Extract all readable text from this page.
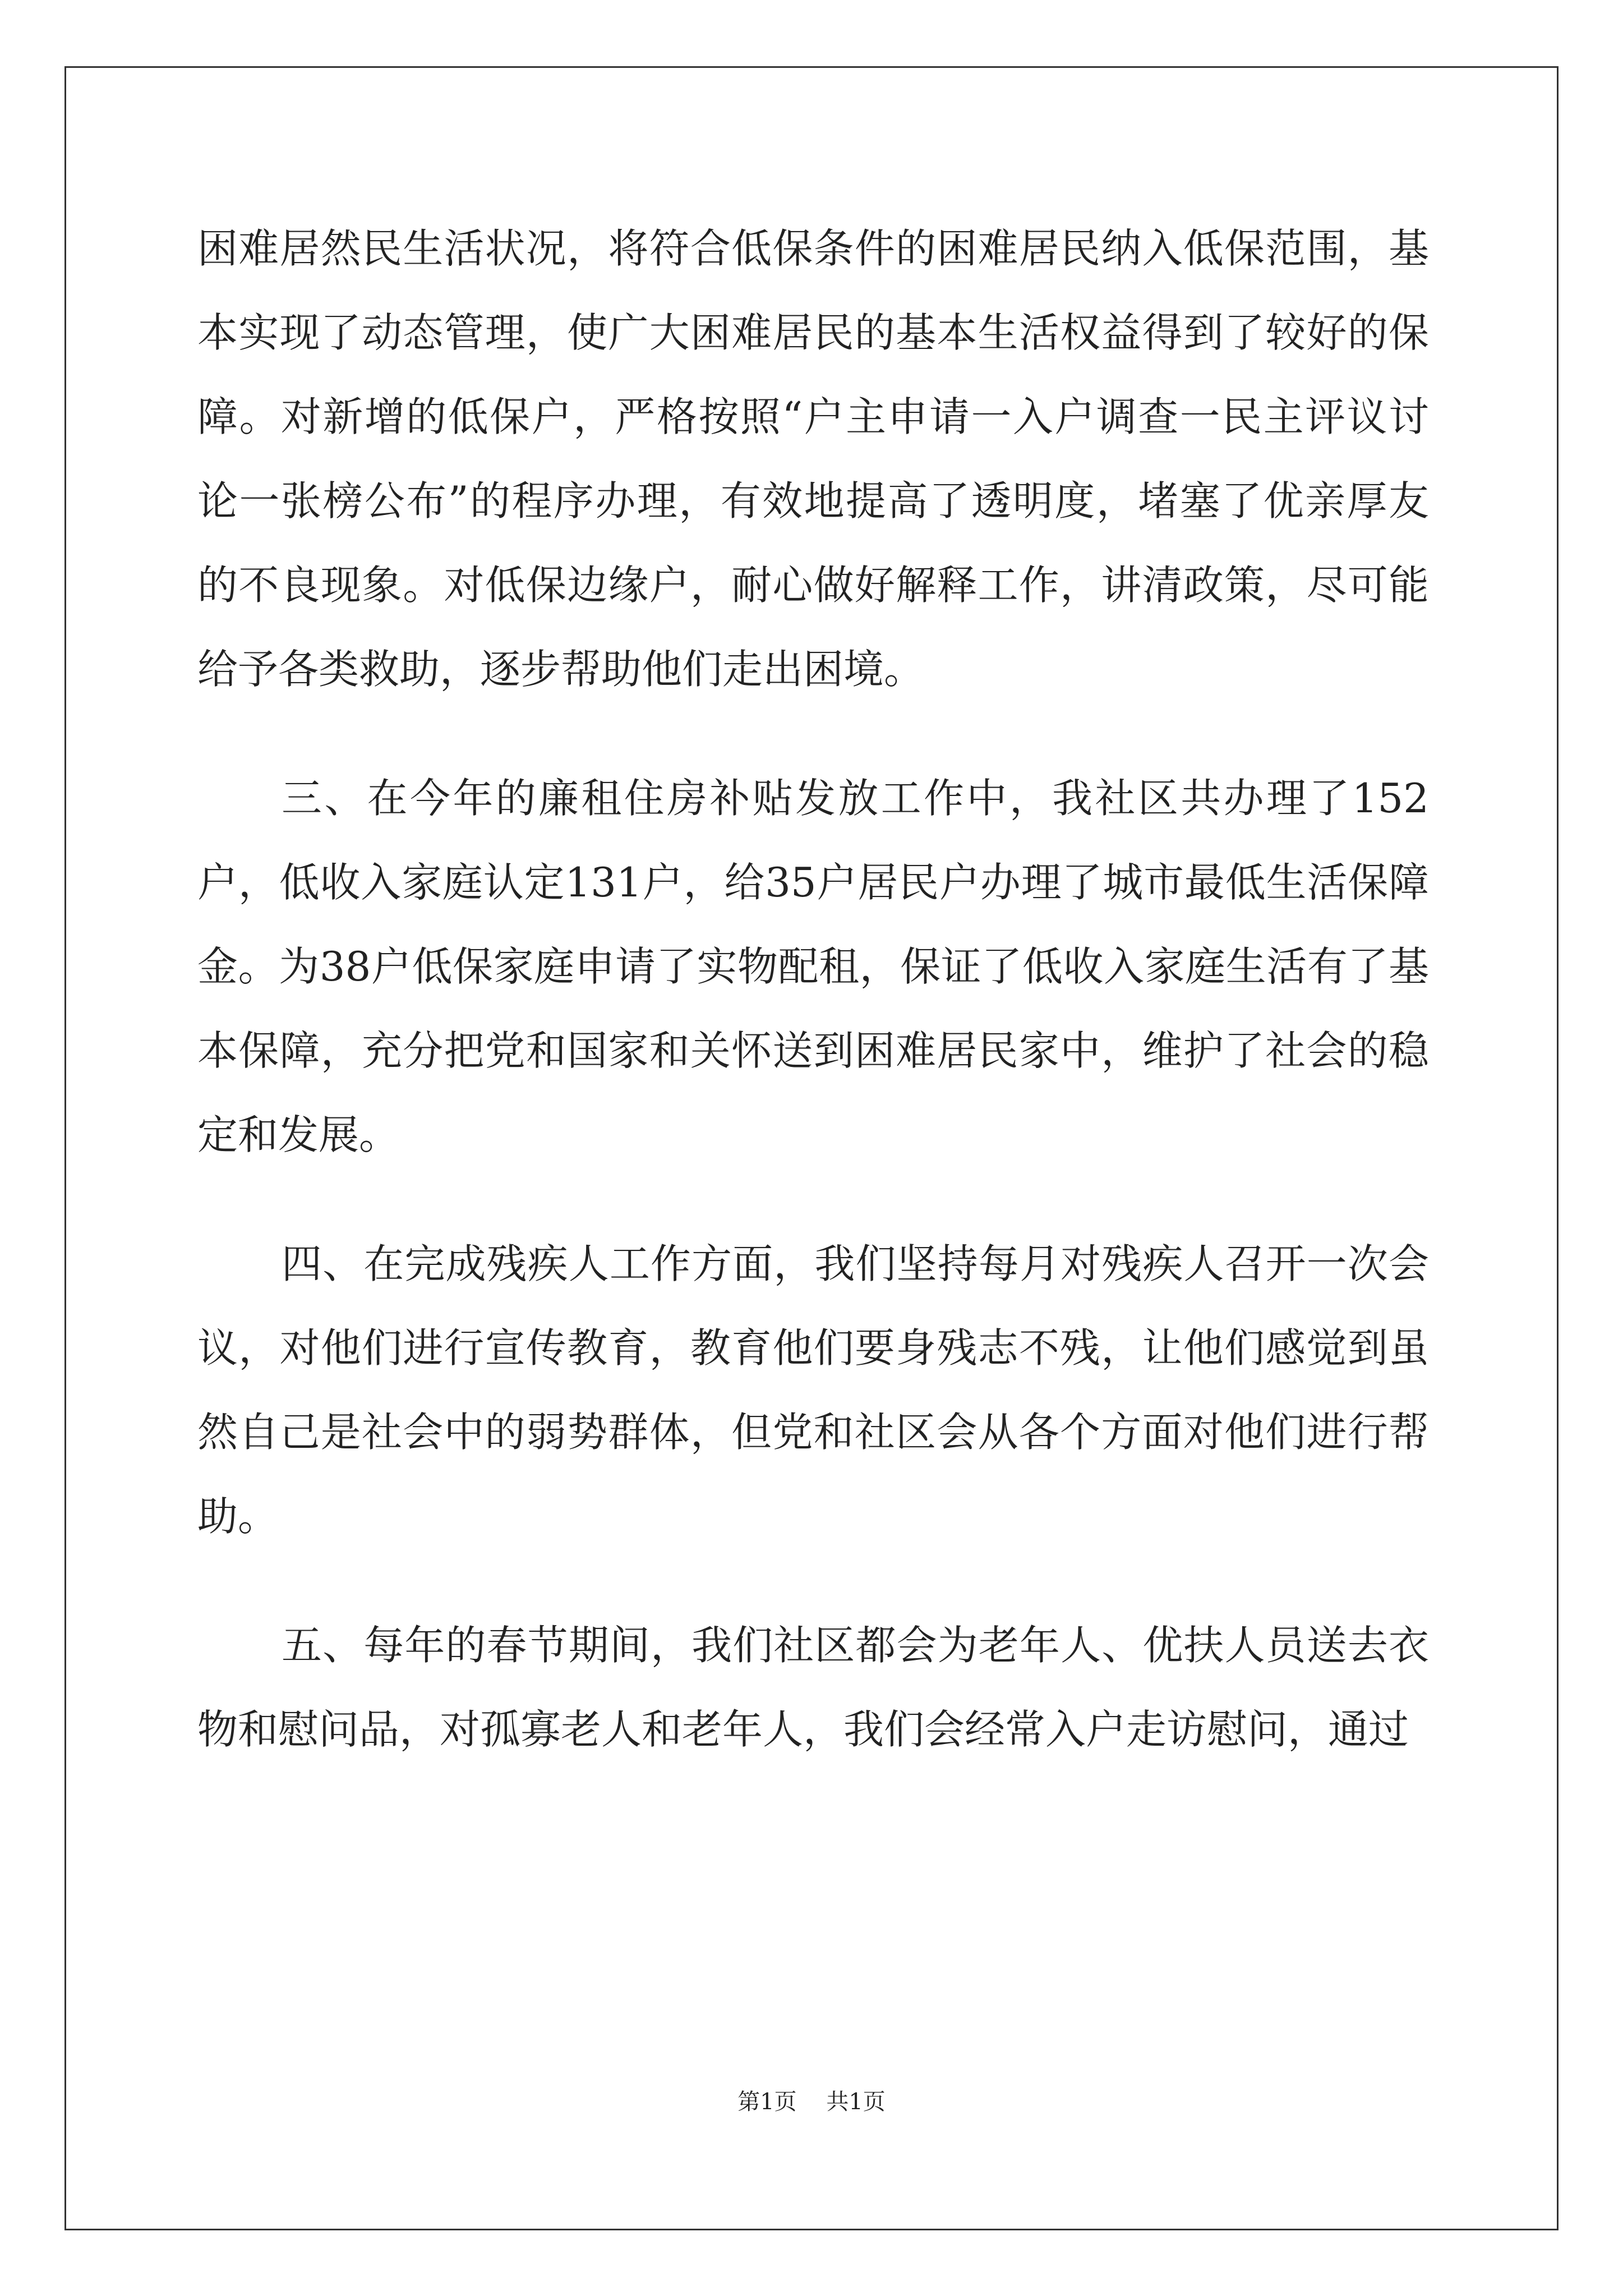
困难居然民生活状况，将符合低保条件的困难居民纳入低保范围，基本实现了动态管理，使广大困难居民的基本生活权益得到了较好的保障。对新增的低保户，严格按照“户主申请一入户调查一民主评议讨论一张榜公布”的程序办理，有效地提高了透明度，堵塞了优亲厚友的不良现象。对低保边缘户，耐心做好解释工作，讲清政策，尽可能给予各类救助，逐步帮助他们走出困境。

三、在今年的廉租住房补贴发放工作中，我社区共办理了152户，低收入家庭认定131户，给35户居民户办理了城市最低生活保障金。为38户低保家庭申请了实物配租，保证了低收入家庭生活有了基本保障，充分把党和国家和关怀送到困难居民家中，维护了社会的稳定和发展。

四、在完成残疾人工作方面，我们坚持每月对残疾人召开一次会议，对他们进行宣传教育，教育他们要身残志不残，让他们感觉到虽然自己是社会中的弱势群体，但党和社区会从各个方面对他们进行帮助。

五、每年的春节期间，我们社区都会为老年人、优扶人员送去衣物和慰问品，对孤寡老人和老年人，我们会经常入户走访慰问，通过

第1页 共1页
